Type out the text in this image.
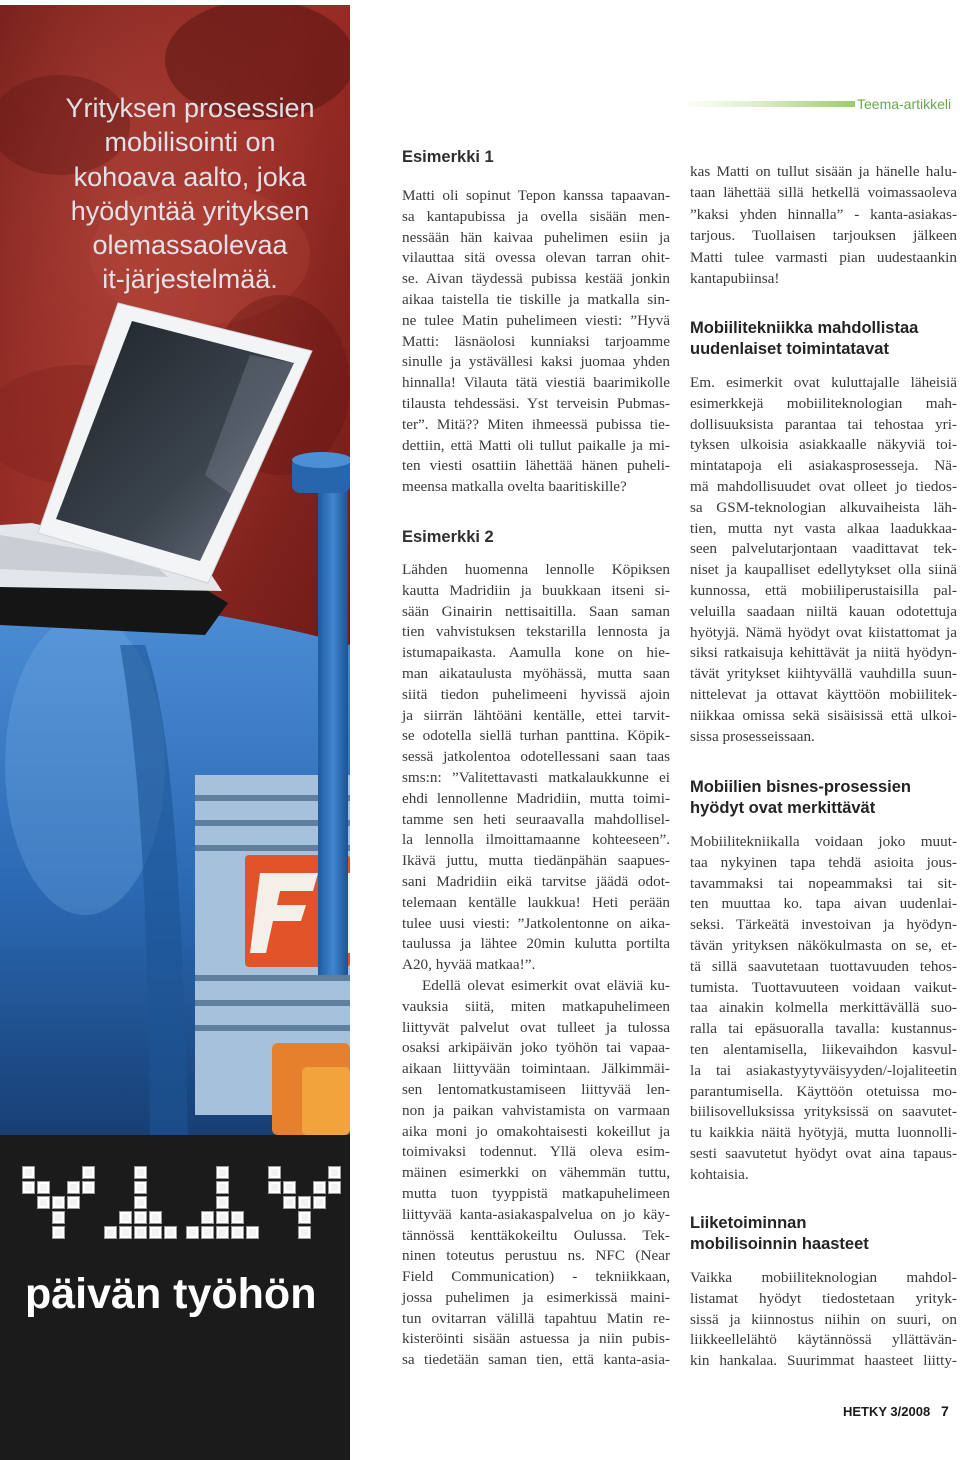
Yrityksen prosessien
mobilisointi on
kohoava aalto, joka
hyödyntää yrityksen
olemassaolevaa
it-järjestelmää.
päivän työhön
Esimerkki 1
Matti oli sopinut Tepon kanssa tapaavan-
sa kantapubissa ja ovella sisään men-
nessään hän kaivaa puhelimen esiin ja
vilauttaa sitä ovessa olevan tarran ohit-
se. Aivan täydessä pubissa kestää jonkin
aikaa taistella tie tiskille ja matkalla sin-
ne tulee Matin puhelimeen viesti: ”Hyvä
Matti: läsnäolosi kunniaksi tarjoamme
sinulle ja ystävällesi kaksi juomaa yhden
hinnalla! Vilauta tätä viestiä baarimikolle
tilausta tehdessäsi. Yst terveisin Pubmas-
ter”. Mitä?? Miten ihmeessä pubissa tie-
dettiin, että Matti oli tullut paikalle ja mi-
ten viesti osattiin lähettää hänen puheli-
meensa matkalla ovelta baaritiskille?
Esimerkki 2
Lähden huomenna lennolle Köpiksen
kautta Madridiin ja buukkaan itseni si-
sään Ginairin nettisaitilla. Saan saman
tien vahvistuksen tekstarilla lennosta ja
istumapaikasta. Aamulla kone on hie-
man aikataulusta myöhässä, mutta saan
siitä tiedon puhelimeeni hyvissä ajoin
ja siirrän lähtöäni kentälle, ettei tarvit-
se odotella siellä turhan panttina. Köpik-
sessä jatkolentoa odotellessani saan taas
sms:n: ”Valitettavasti matkalaukkunne ei
ehdi lennollenne Madridiin, mutta toimi-
tamme sen heti seuraavalla mahdollisel-
la lennolla ilmoittamaanne kohteeseen”.
Ikävä juttu, mutta tiedänpähän saapues-
sani Madridiin eikä tarvitse jäädä odot-
telemaan kentälle laukkua! Heti perään
tulee uusi viesti: ”Jatkolentonne on aika-
taulussa ja lähtee 20min kulutta portilta
A20, hyvää matkaa!”.
Edellä olevat esimerkit ovat eläviä ku-
vauksia siitä, miten matkapuhelimeen
liittyvät palvelut ovat tulleet ja tulossa
osaksi arkipäivän joko työhön tai vapaa-
aikaan liittyvään toimintaan. Jälkimmäi-
sen lentomatkustamiseen liittyvää len-
non ja paikan vahvistamista on varmaan
aika moni jo omakohtaisesti kokeillut ja
toimivaksi todennut. Yllä oleva esim-
mäinen esimerkki on vähemmän tuttu,
mutta tuon tyyppistä matkapuhelimeen
liittyvää kanta-asiakaspalvelua on jo käy-
tännössä kenttäkokeiltu Oulussa. Tek-
ninen toteutus perustuu ns. NFC (Near
Field Communication) - tekniikkaan,
jossa puhelimen ja esimerkissä maini-
tun ovitarran välillä tapahtuu Matin re-
kisteröinti sisään astuessa ja niin pubis-
sa tiedetään saman tien, että kanta-asia-
Teema-artikkeli
kas Matti on tullut sisään ja hänelle halu-
taan lähettää sillä hetkellä voimassaoleva
”kaksi yhden hinnalla” - kanta-asiakas-
tarjous. Tuollaisen tarjouksen jälkeen
Matti tulee varmasti pian uudestaankin
kantapubiinsa!
Mobiilitekniikka mahdollistaa
uudenlaiset toimintatavat
Em. esimerkit ovat kuluttajalle läheisiä
esimerkkejä mobiiliteknologian mah-
dollisuuksista parantaa tai tehostaa yri-
tyksen ulkoisia asiakkaalle näkyviä toi-
mintatapoja eli asiakasprosesseja. Nä-
mä mahdollisuudet ovat olleet jo tiedos-
sa GSM-teknologian alkuvaiheista läh-
tien, mutta nyt vasta alkaa laadukkaa-
seen palvelutarjontaan vaadittavat tek-
niset ja kaupalliset edellytykset olla siinä
kunnossa, että mobiiliperustaisilla pal-
veluilla saadaan niiltä kauan odotettuja
hyötyjä. Nämä hyödyt ovat kiistattomat ja
siksi ratkaisuja kehittävät ja niitä hyödyn-
tävät yritykset kiihtyvällä vauhdilla suun-
nittelevat ja ottavat käyttöön mobiilitek-
niikkaa omissa sekä sisäisissä että ulkoi-
sissa prosesseissaan.
Mobiilien bisnes-prosessien
hyödyt ovat merkittävät
Mobiilitekniikalla voidaan joko muut-
taa nykyinen tapa tehdä asioita jous-
tavammaksi tai nopeammaksi tai sit-
ten muuttaa ko. tapa aivan uudenlai-
seksi. Tärkeätä investoivan ja hyödyn-
tävän yrityksen näkökulmasta on se, et-
tä sillä saavutetaan tuottavuuden tehos-
tumista. Tuottavuuteen voidaan vaikut-
taa ainakin kolmella merkittävällä suo-
ralla tai epäsuoralla tavalla: kustannus-
ten alentamisella, liikevaihdon kasvul-
la tai asiakastyytyväisyyden/-lojaliteetin
parantumisella. Käyttöön otetuissa mo-
biilisovelluksissa yrityksissä on saavutet-
tu kaikkia näitä hyötyjä, mutta luonnolli-
sesti saavutetut hyödyt ovat aina tapaus-
kohtaisia.
Liiketoiminnan
mobilisoinnin haasteet
Vaikka mobiiliteknologian mahdol-
listamat hyödyt tiedostetaan yrityk-
sissä ja kiinnostus niihin on suuri, on
liikkeellelähtö käytännössä yllättävän-
kin hankalaa. Suurimmat haasteet liitty-
HETKY 3/2008 7
